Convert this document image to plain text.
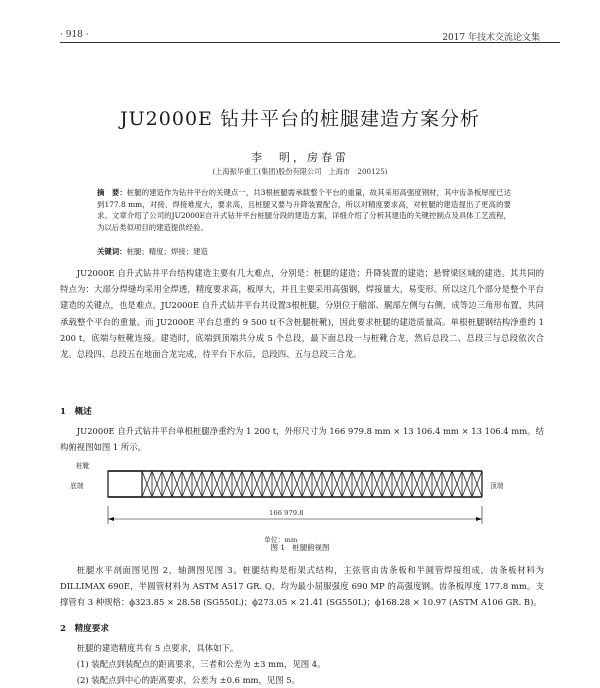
· 918 ·	2017 年技术交流论文集
JU2000E 钻井平台的桩腿建造方案分析
李　明，房春雷
(上海振华重工(集团)股份有限公司　上海市　200125)
摘　要：桩腿的建造作为钻井平台的关键点一，共3根桩腿需承载整个平台的重量，故其采用高强度钢材，其中齿条板厚度已达到177.8 mm，对接、焊接难度大，要求高，且桩腿又要与升降装置配合，所以对精度要求高，对桩腿的建造提出了更高的要求。文章介绍了公司的JU2000E自升式钻井平台桩腿分段的建造方案，详细介绍了分析其建造的关键控制点及具体工艺流程，为以后类似项目的建造提供经验。
关键词：桩腿；精度；焊接；建造
JU2000E 自升式钻井平台结构建造主要有几大难点，分别是：桩腿的建造；升降装置的建造；悬臂梁区域的建造。其共同的特点为：大部分焊缝均采用全焊透，精度要求高，板厚大，并且主要采用高强钢，焊接量大，易变形。所以这几个部分是整个平台建造的关键点，也是难点。JU2000E 自升式钻井平台共设置3根桩腿，分别位于艏部、艉部左侧与右侧，成等边三角形布置，共同承载整个平台的重量。而 JU2000E 平台总重约 9 500 t(不含桩腿桩靴)，因此要求桩腿的建造质量高。单根桩腿钢结构净重约 1 200 t，底端与桩靴连接。建造时，底端到顶端共分成 5 个总段，最下面总段一与桩靴合龙，然后总段二、总段三与总段依次合龙。总段四、总段五在地面合龙完成，待平台下水后，总段四、五与总段三合龙。
1　概述
JU2000E 自升式钻井平台单根桩腿净重约为 1 200 t，外形尺寸为 166 979.8 mm × 13 106.4 mm × 13 106.4 mm。结构俯视图如图 1 所示。
桩靴
底端	顶端
166 979.8
单位：mm
图 1　桩腿俯视图
桩腿水平剖面图见图 2，轴测图见图 3。桩腿结构是桁架式结构，主弦管由齿条板和半圆管焊接组成，齿条板材料为 DILLIMAX 690E，半圆管材料为 ASTM A517 GR. Q，均为最小屈服强度 690 MP 的高强度钢。齿条板厚度 177.8 mm。支撑管有 3 种规格：ϕ323.85 × 28.58 (SG550L)；ϕ273.05 × 21.41 (SG550L)；ϕ168.28 × 10.97 (ASTM A106 GR. B)。
2　精度要求
桩腿的建造精度共有 5 点要求，具体如下。
(1) 装配点到装配点的距离要求，三者和公差为 ±3 mm，见图 4。
(2) 装配点到中心的距离要求，公差为 ±0.6 mm，见图 5。
